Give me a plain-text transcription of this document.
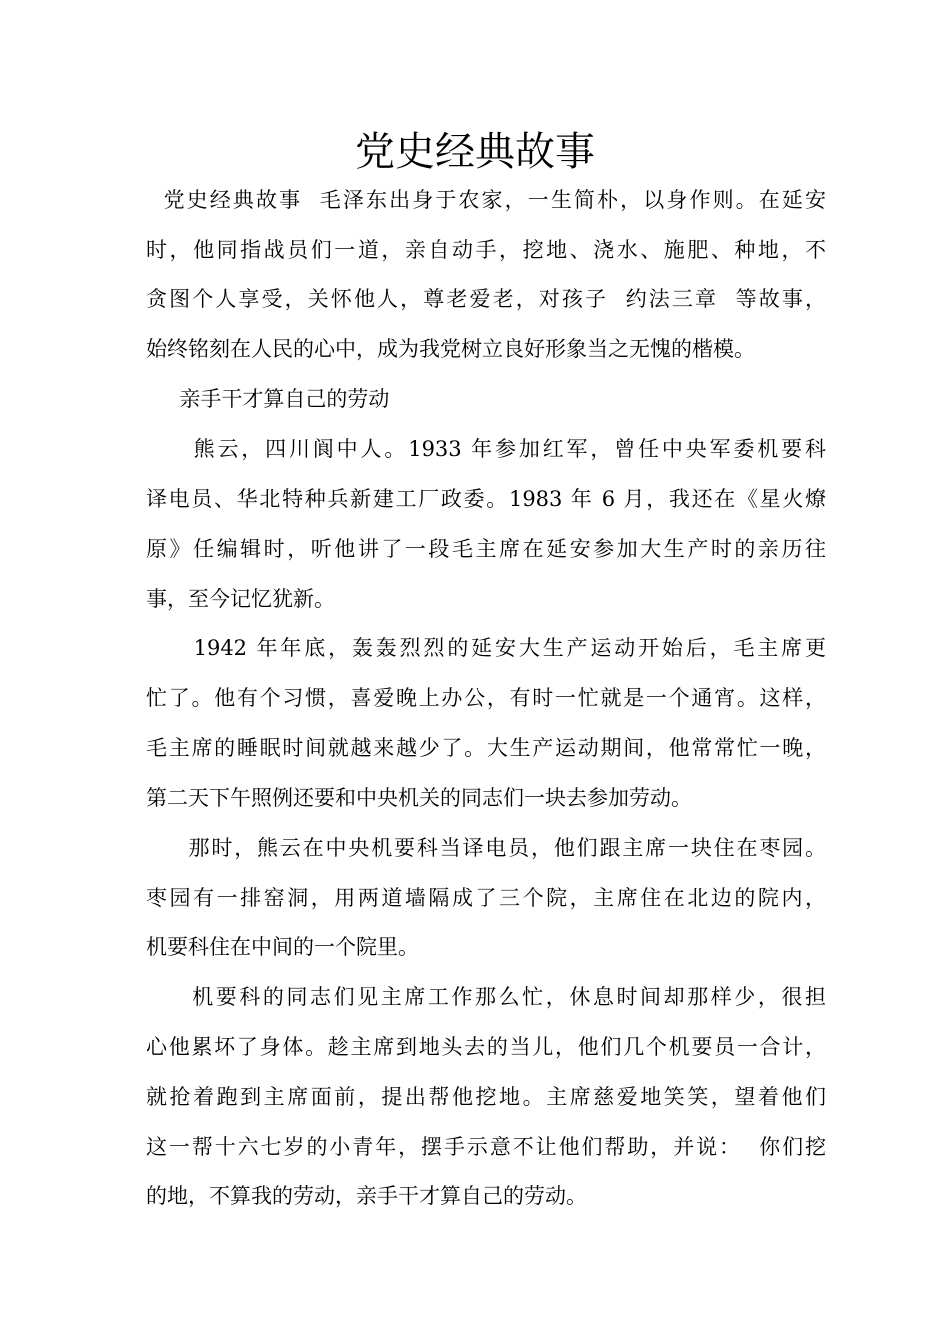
党史经典故事
党史经典故事  毛泽东出身于农家，一生简朴，以身作则。在延安
时，他同指战员们一道，亲自动手，挖地、浇水、施肥、种地，不
贪图个人享受，关怀他人，尊老爱老，对孩子  约法三章  等故事，
始终铭刻在人民的心中，成为我党树立良好形象当之无愧的楷模。
亲手干才算自己的劳动
熊云，四川阆中人。1933 年参加红军，曾任中央军委机要科
译电员、华北特种兵新建工厂政委。1983 年 6 月，我还在《星火燎
原》任编辑时，听他讲了一段毛主席在延安参加大生产时的亲历往
事，至今记忆犹新。
1942 年年底，轰轰烈烈的延安大生产运动开始后，毛主席更
忙了。他有个习惯，喜爱晚上办公，有时一忙就是一个通宵。这样，
毛主席的睡眠时间就越来越少了。大生产运动期间，他常常忙一晚，
第二天下午照例还要和中央机关的同志们一块去参加劳动。
那时，熊云在中央机要科当译电员，他们跟主席一块住在枣园。
枣园有一排窑洞，用两道墙隔成了三个院，主席住在北边的院内，
机要科住在中间的一个院里。
机要科的同志们见主席工作那么忙，休息时间却那样少，很担
心他累坏了身体。趁主席到地头去的当儿，他们几个机要员一合计，
就抢着跑到主席面前，提出帮他挖地。主席慈爱地笑笑，望着他们
这一帮十六七岁的小青年，摆手示意不让他们帮助，并说：  你们挖
的地，不算我的劳动，亲手干才算自己的劳动。
